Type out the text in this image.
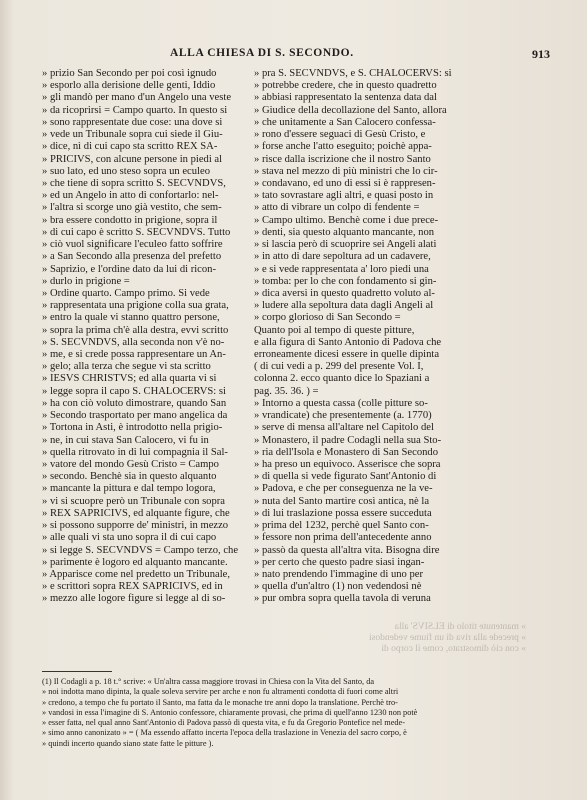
ALLA CHIESA DI S. SECONDO.	913
» prizio San Secondo per poi così ignudo
» esporlo alla derisione delle genti, Iddio
» gli mandò per mano d'un Angelo una veste
» da ricoprirsi = Campo quarto. In questo si
» sono rappresentate due cose: una dove si
» vede un Tribunale sopra cui siede il Giu-
» dice, nì di cui capo sta scritto REX SA-
» PRICIVS, con alcune persone in piedi al
» suo lato, ed uno steso sopra un eculeo
» che tiene di sopra scritto S. SECVNDVS,
» ed un Angelo in atto di confortarlo: nel-
» l'altra si scorge uno già vestito, che sem-
» bra essere condotto in prigione, sopra il
» di cui capo è scritto S. SECVNDVS. Tutto
» ciò vuol significare l'eculeo fatto soffrire
» a San Secondo alla presenza del prefetto
» Saprizio, e l'ordine dato da lui di ricon-
» durlo in prigione =
» Ordine quarto. Campo primo. Si vede
» rappresentata una prigione colla sua grata,
» entro la quale vi stanno quattro persone,
» sopra la prima ch'è alla destra, evvi scritto
» S. SECVNDVS, alla seconda non v'è no-
» me, e si crede possa rappresentare un An-
» gelo; alla terza che segue vi sta scritto
» IESVS CHRISTVS; ed alla quarta vi si
» legge sopra il capo S. CHALOCERVS: si
» ha con ciò voluto dimostrare, quando San
» Secondo trasportato per mano angelica da
» Tortona in Asti, è introdotto nella prigio-
» ne, in cui stava San Calocero, vi fu in
» quella ritrovato in di lui compagnia il Sal-
» vatore del mondo Gesù Cristo = Campo
» secondo. Benchè sia in questo alquanto
» mancante la pittura e dal tempo logora,
» vi si scuopre però un Tribunale con sopra
» REX SAPRICIVS, ed alquante figure, che
» si possono supporre de' ministri, in mezzo
» alle quali vi sta uno sopra il di cui capo
» si legge S. SECVNDVS = Campo terzo, che
» parimente è logoro ed alquanto mancante.
» Apparisce come nel predetto un Tribunale,
» e scrittori sopra REX SAPRICIVS, ed in
» mezzo alle logore figure si legge al di so-
» pra S. SECVNDVS, e S. CHALOCERVS: si
» potrebbe credere, che in questo quadretto
» abbiasi rappresentato la sentenza data dal
» Giudice della decollazione del Santo, allora
» che unitamente a San Calocero confessa-
» rono d'essere seguaci di Gesù Cristo, e
» forse anche l'atto eseguito; poichè appa-
» risce dalla iscrizione che il nostro Santo
» stava nel mezzo di più ministri che lo cir-
» condavano, ed uno di essi si è rappresen-
» tato sovrastare agli altri, e quasi posto in
» atto di vibrare un colpo di fendente =
» Campo ultimo. Benchè come i due prece-
» denti, sia questo alquanto mancante, non
» si lascia però di scuoprire sei Angeli alati
» in atto di dare sepoltura ad un cadavere,
» e si vede rappresentata a' loro piedi una
» tomba: per lo che con fondamento si gin-
» dica aversi in questo quadretto voluto al-
» ludere alla sepoltura data dagli Angeli al
» corpo glorioso di San Secondo =
Quanto poi al tempo di queste pitture,
e alla figura di Santo Antonio di Padova che
erroneamente dicesi essere in quelle dipinta
( di cui vedi a p. 299 del presente Vol. I,
colonna 2. ecco quanto dice lo Spaziani a
pag. 35. 36. ) =
» Intorno a questa cassa (colle pitture so-
» vrandicate) che presentemente (a. 1770)
» serve di mensa all'altare nel Capitolo del
» Monastero, il padre Codagli nella sua Sto-
» ria dell'Isola e Monastero di San Secondo
» ha preso un equivoco. Asserisce che sopra
» di quella si vede figurato Sant'Antonio di
» Padova, e che per conseguenza ne la ve-
» nuta del Santo martire così antica, nè la
» di lui traslazione possa essere succeduta
» prima del 1232, perchè quel Santo con-
» fessore non prima dell'antecedente anno
» passò da questa all'altra vita. Bisogna dire
» per certo che questo padre siasi ingan-
» nato prendendo l'immagine di uno per
» quella d'un'altro (1) non vedendosi nè
» pur ombra sopra quella tavola di veruna
» mantenute titolo di ELSIVS' alla
» precede alla riva di un fiume vedendosi
» con ciò dimostrato, come il corpo di
(1) Il Codagli a p. 18 t.° scrive: « Un'altra cassa maggiore trovasi in Chiesa con la Vita del Santo, da
» noi indotta mano dipinta, la quale soleva servire per arche e non fu altramenti condotta di fuori come altri
» credono, a tempo che fu portato il Santo, ma fatta da le monache tre anni dopo la translatione. Perchè tro-
» vandosi in essa l'imagine di S. Antonio confessore, chiaramente provasi, che prima di quell'anno 1230 non potè
» esser fatta, nel qual anno Sant'Antonio di Padova passò di questa vita, e fu da Gregorio Pontefice nel mede-
» simo anno canonizato » = ( Ma essendo affatto incerta l'epoca della traslazione in Venezia del sacro corpo, è
» quindi incerto quando siano state fatte le pitture ).
